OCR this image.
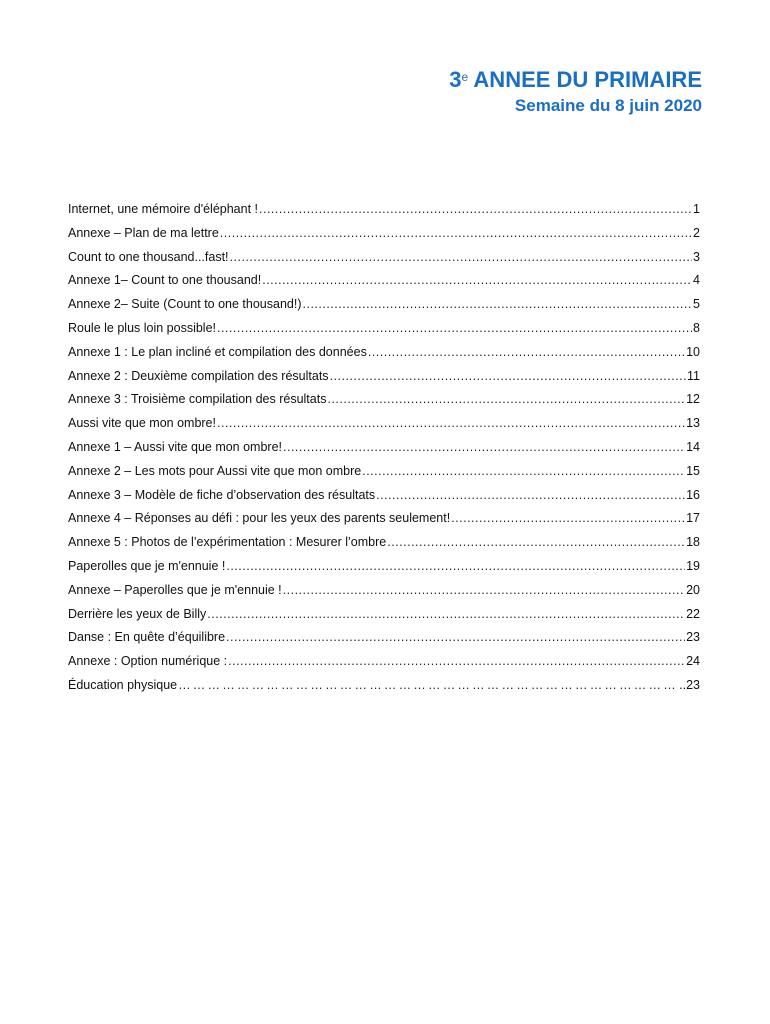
3e ANNEE DU PRIMAIRE
Semaine du 8 juin 2020
Internet, une mémoire d'éléphant ! .....	1
Annexe – Plan de ma lettre .....	2
Count to one thousand...fast! .....	3
Annexe 1– Count to one thousand! .....	4
Annexe 2– Suite (Count to one thousand!) .....	5
Roule le plus loin possible! .....	8
Annexe 1 : Le plan incliné et compilation des données .....	10
Annexe 2 : Deuxième compilation des résultats .....	11
Annexe 3 : Troisième compilation des résultats .....	12
Aussi vite que mon ombre! .....	13
Annexe 1 – Aussi vite que mon ombre! .....	14
Annexe 2 – Les mots pour Aussi vite que mon ombre .....	15
Annexe 3 – Modèle de fiche d’observation des résultats .....	16
Annexe 4 – Réponses au défi : pour les yeux des parents seulement! .....	17
Annexe 5 : Photos de l’expérimentation : Mesurer l’ombre .....	18
Paperolles que je m'ennuie ! .....	19
Annexe – Paperolles que je m'ennuie ! .....	20
Derrière les yeux de Billy .....	22
Danse : En quête d’équilibre .....	23
Annexe : Option numérique : .....	24
Éducation physique ……………………………………………………………………………………………………………………………………	..23
